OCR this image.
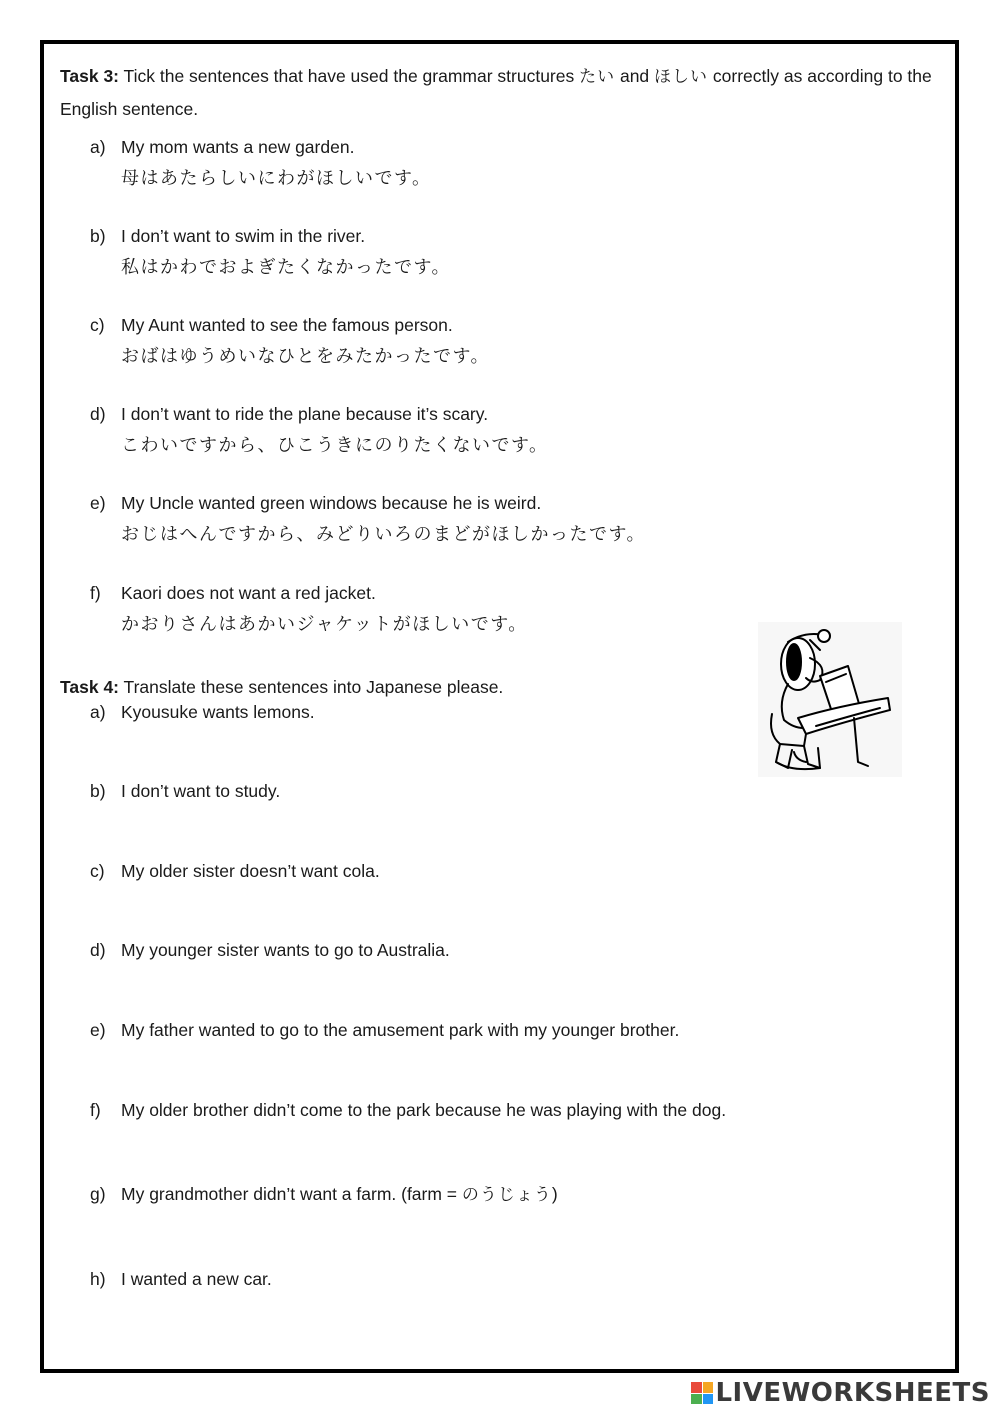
Task 3: Tick the sentences that have used the grammar structures たい and ほしい correctly as according to the English sentence.
a) My mom wants a new garden.
母はあたらしいにわがほしいです。
b) I don’t want to swim in the river.
私はかわでおよぎたくなかったです。
c) My Aunt wanted to see the famous person.
おばはゆうめいなひとをみたかったです。
d) I don’t want to ride the plane because it’s scary.
こわいですから、ひこうきにのりたくないです。
e) My Uncle wanted green windows because he is weird.
おじはへんですから、みどりいろのまどがほしかったです。
f) Kaori does not want a red jacket.
かおりさんはあかいジャケットがほしいです。
Task 4: Translate these sentences into Japanese please.
a) Kyousuke wants lemons.
b) I don’t want to study.
c) My older sister doesn’t want cola.
d) My younger sister wants to go to Australia.
e) My father wanted to go to the amusement park with my younger brother.
f) My older brother didn’t come to the park because he was playing with the dog.
g) My grandmother didn’t want a farm. (farm = のうじょう)
h) I wanted a new car.
LIVEWORKSHEETS
